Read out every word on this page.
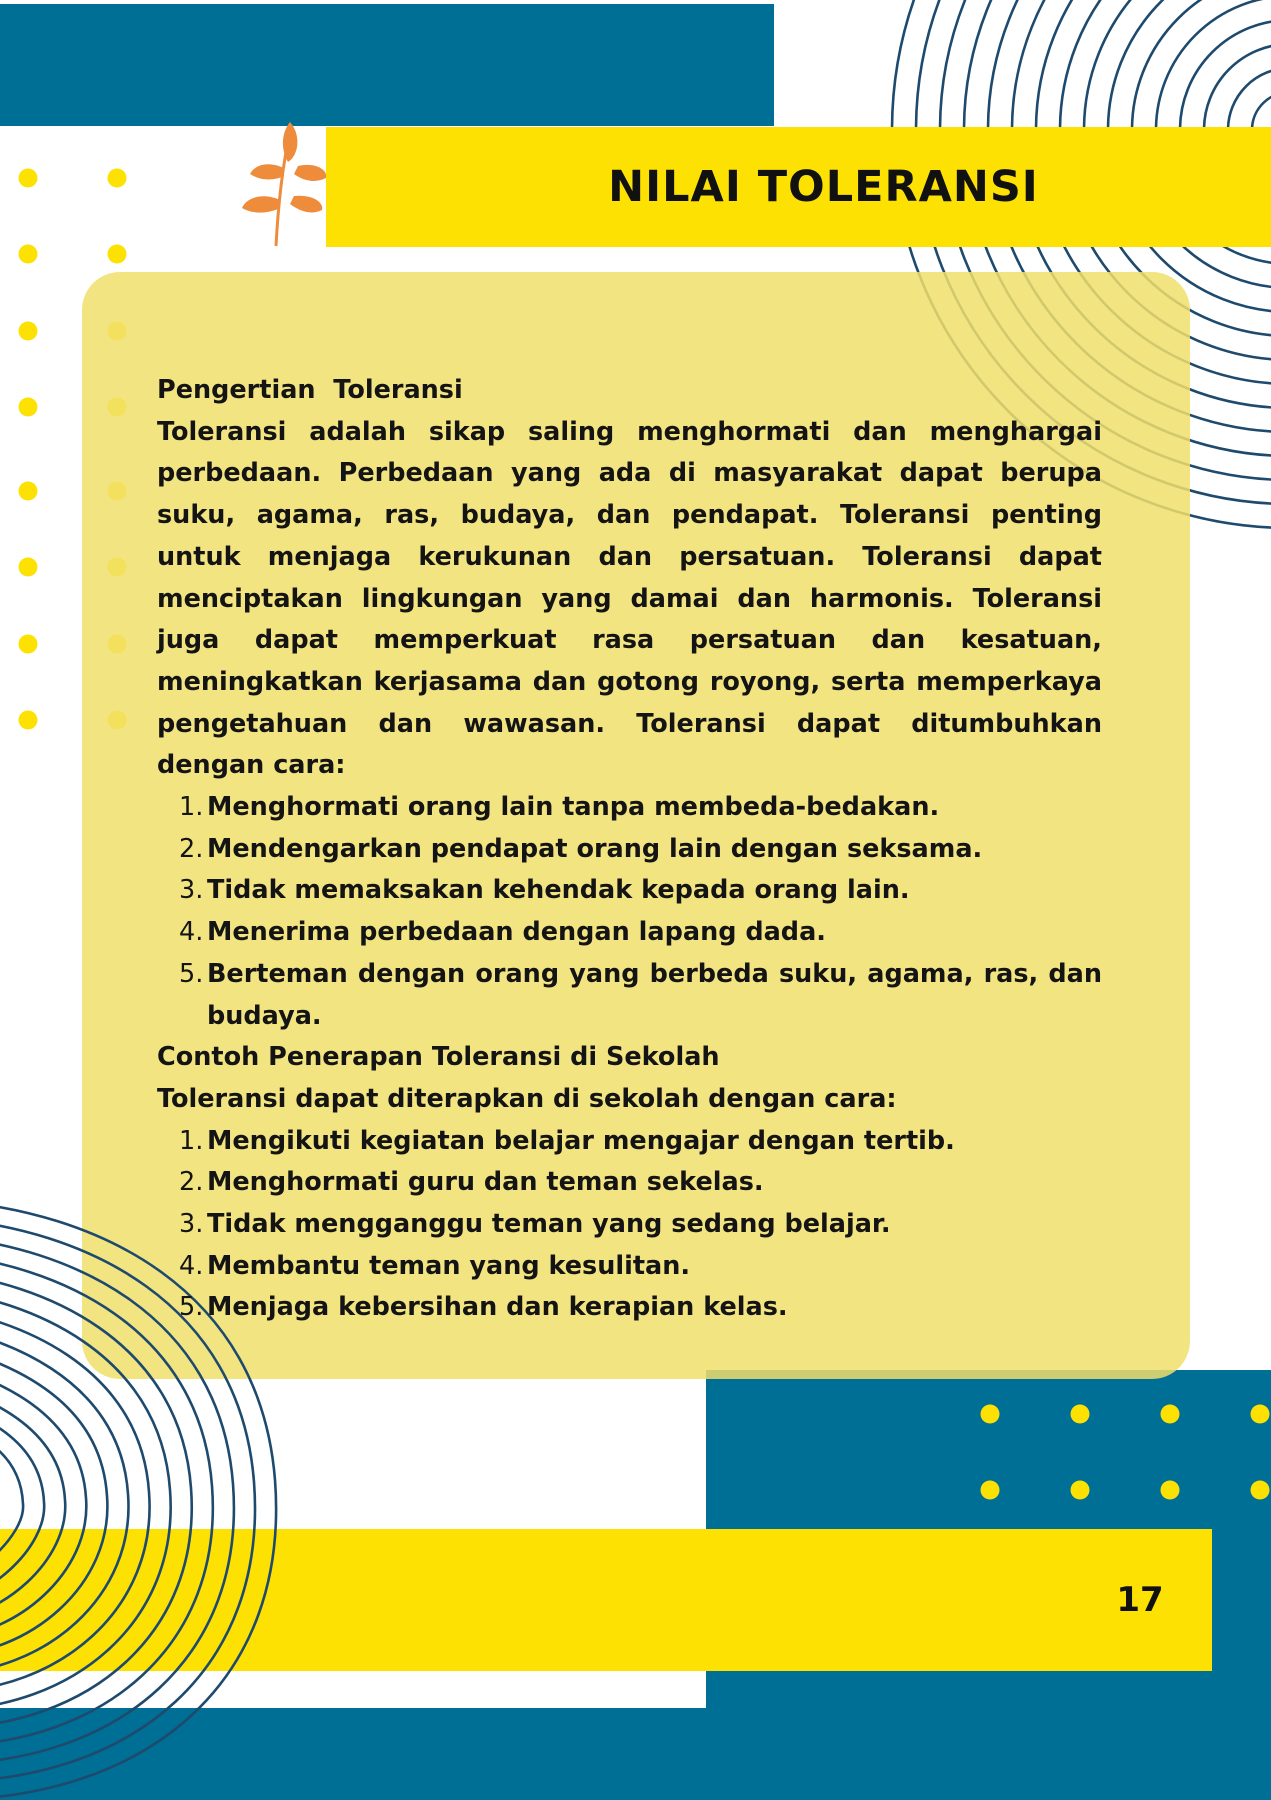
NILAI TOLERANSI

Pengertian  Toleransi

Toleransi adalah sikap saling menghormati dan menghargai perbedaan. Perbedaan yang ada di masyarakat dapat berupa suku, agama, ras, budaya, dan pendapat. Toleransi penting untuk menjaga kerukunan dan persatuan. Toleransi dapat menciptakan lingkungan yang damai dan harmonis. Toleransi juga dapat memperkuat rasa persatuan dan kesatuan, meningkatkan kerjasama dan gotong royong, serta memperkaya pengetahuan dan wawasan. Toleransi dapat ditumbuhkan dengan cara:

1. Menghormati orang lain tanpa membeda-bedakan.
2. Mendengarkan pendapat orang lain dengan seksama.
3. Tidak memaksakan kehendak kepada orang lain.
4. Menerima perbedaan dengan lapang dada.
5. Berteman dengan orang yang berbeda suku, agama, ras, dan budaya.

Contoh Penerapan Toleransi di Sekolah

Toleransi dapat diterapkan di sekolah dengan cara:

1. Mengikuti kegiatan belajar mengajar dengan tertib.
2. Menghormati guru dan teman sekelas.
3. Tidak mengganggu teman yang sedang belajar.
4. Membantu teman yang kesulitan.
5. Menjaga kebersihan dan kerapian kelas.
17
